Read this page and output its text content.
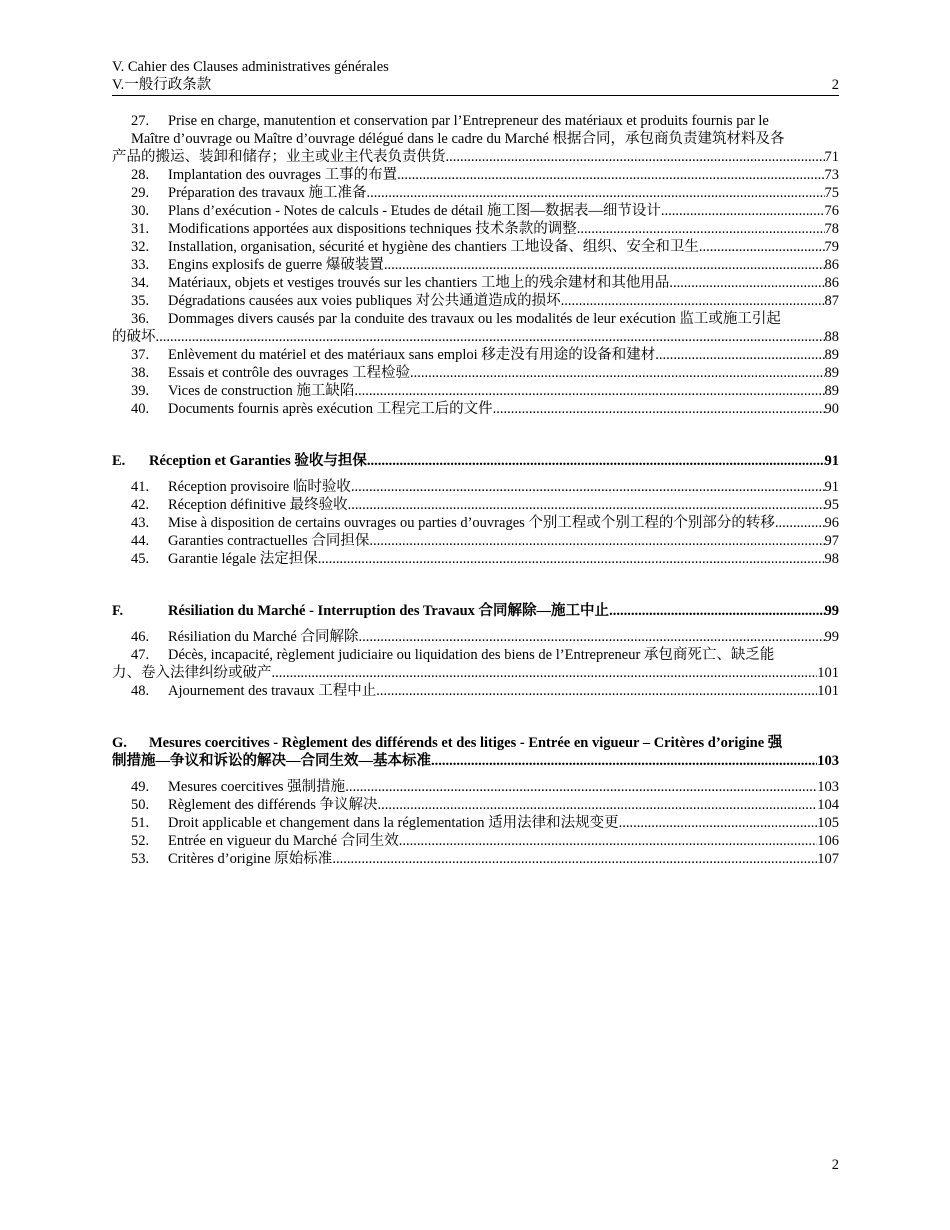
V. Cahier des Clauses administratives générales
V.一般行政条款	2
27.	Prise en charge, manutention et conservation par l’Entrepreneur des matériaux et produits fournis par le
Maître d’ouvrage ou Maître d’ouvrage délégué dans le cadre du Marché 根据合同，承包商负责建筑材料及各
产品的搬运、装卸和储存；业主或业主代表负责供货 .....	71
28.	Implantation des ouvrages 工事的布置 .....	73
29.	Préparation des travaux 施工准备 .....	75
30.	Plans d’exécution - Notes de calculs - Etudes de détail 施工图—数据表—细节设计 .....	76
31.	Modifications apportées aux dispositions techniques 技术条款的调整 .....	78
32.	Installation, organisation, sécurité et hygiène des chantiers 工地设备、组织、安全和卫生 .....	79
33.	Engins explosifs de guerre 爆破装置 .....	86
34.	Matériaux, objets et vestiges trouvés sur les chantiers 工地上的残余建材和其他用品 .....	86
35.	Dégradations causées aux voies publiques 对公共通道造成的损坏 .....	87
36.	Dommages divers causés par la conduite des travaux ou les modalités de leur exécution 监工或施工引起
的破坏 .....	88
37.	Enlèvement du matériel et des matériaux sans emploi 移走没有用途的设备和建材 .....	89
38.	Essais et contrôle des ouvrages 工程检验 .....	89
39.	Vices de construction 施工缺陷 .....	89
40.	Documents fournis après exécution 工程完工后的文件 .....	90
E.	Réception et Garanties 验收与担保 .....	91
41.	Réception provisoire 临时验收 .....	91
42.	Réception définitive 最终验收 .....	95
43.	Mise à disposition de certains ouvrages ou parties d’ouvrages 个别工程或个别工程的个别部分的转移 .....	96
44.	Garanties contractuelles 合同担保 .....	97
45.	Garantie légale 法定担保 .....	98
F.	Résiliation du Marché - Interruption des Travaux 合同解除—施工中止 .....	99
46.	Résiliation du Marché 合同解除 .....	99
47.	Décès, incapacité, règlement judiciaire ou liquidation des biens de l’Entrepreneur 承包商死亡、缺乏能
力、卷入法律纠纷或破产 .....	101
48.	Ajournement des travaux 工程中止 .....	101
G.	Mesures coercitives - Règlement des différends et des litiges - Entrée en vigueur – Critères d’origine 强
制措施—争议和诉讼的解决—合同生效—基本标准 .....	103
49.	Mesures coercitives 强制措施 .....	103
50.	Règlement des différends 争议解决 .....	104
51.	Droit applicable et changement dans la réglementation 适用法律和法规变更 .....	105
52.	Entrée en vigueur du Marché 合同生效 .....	106
53.	Critères d’origine 原始标准 .....	107
2
